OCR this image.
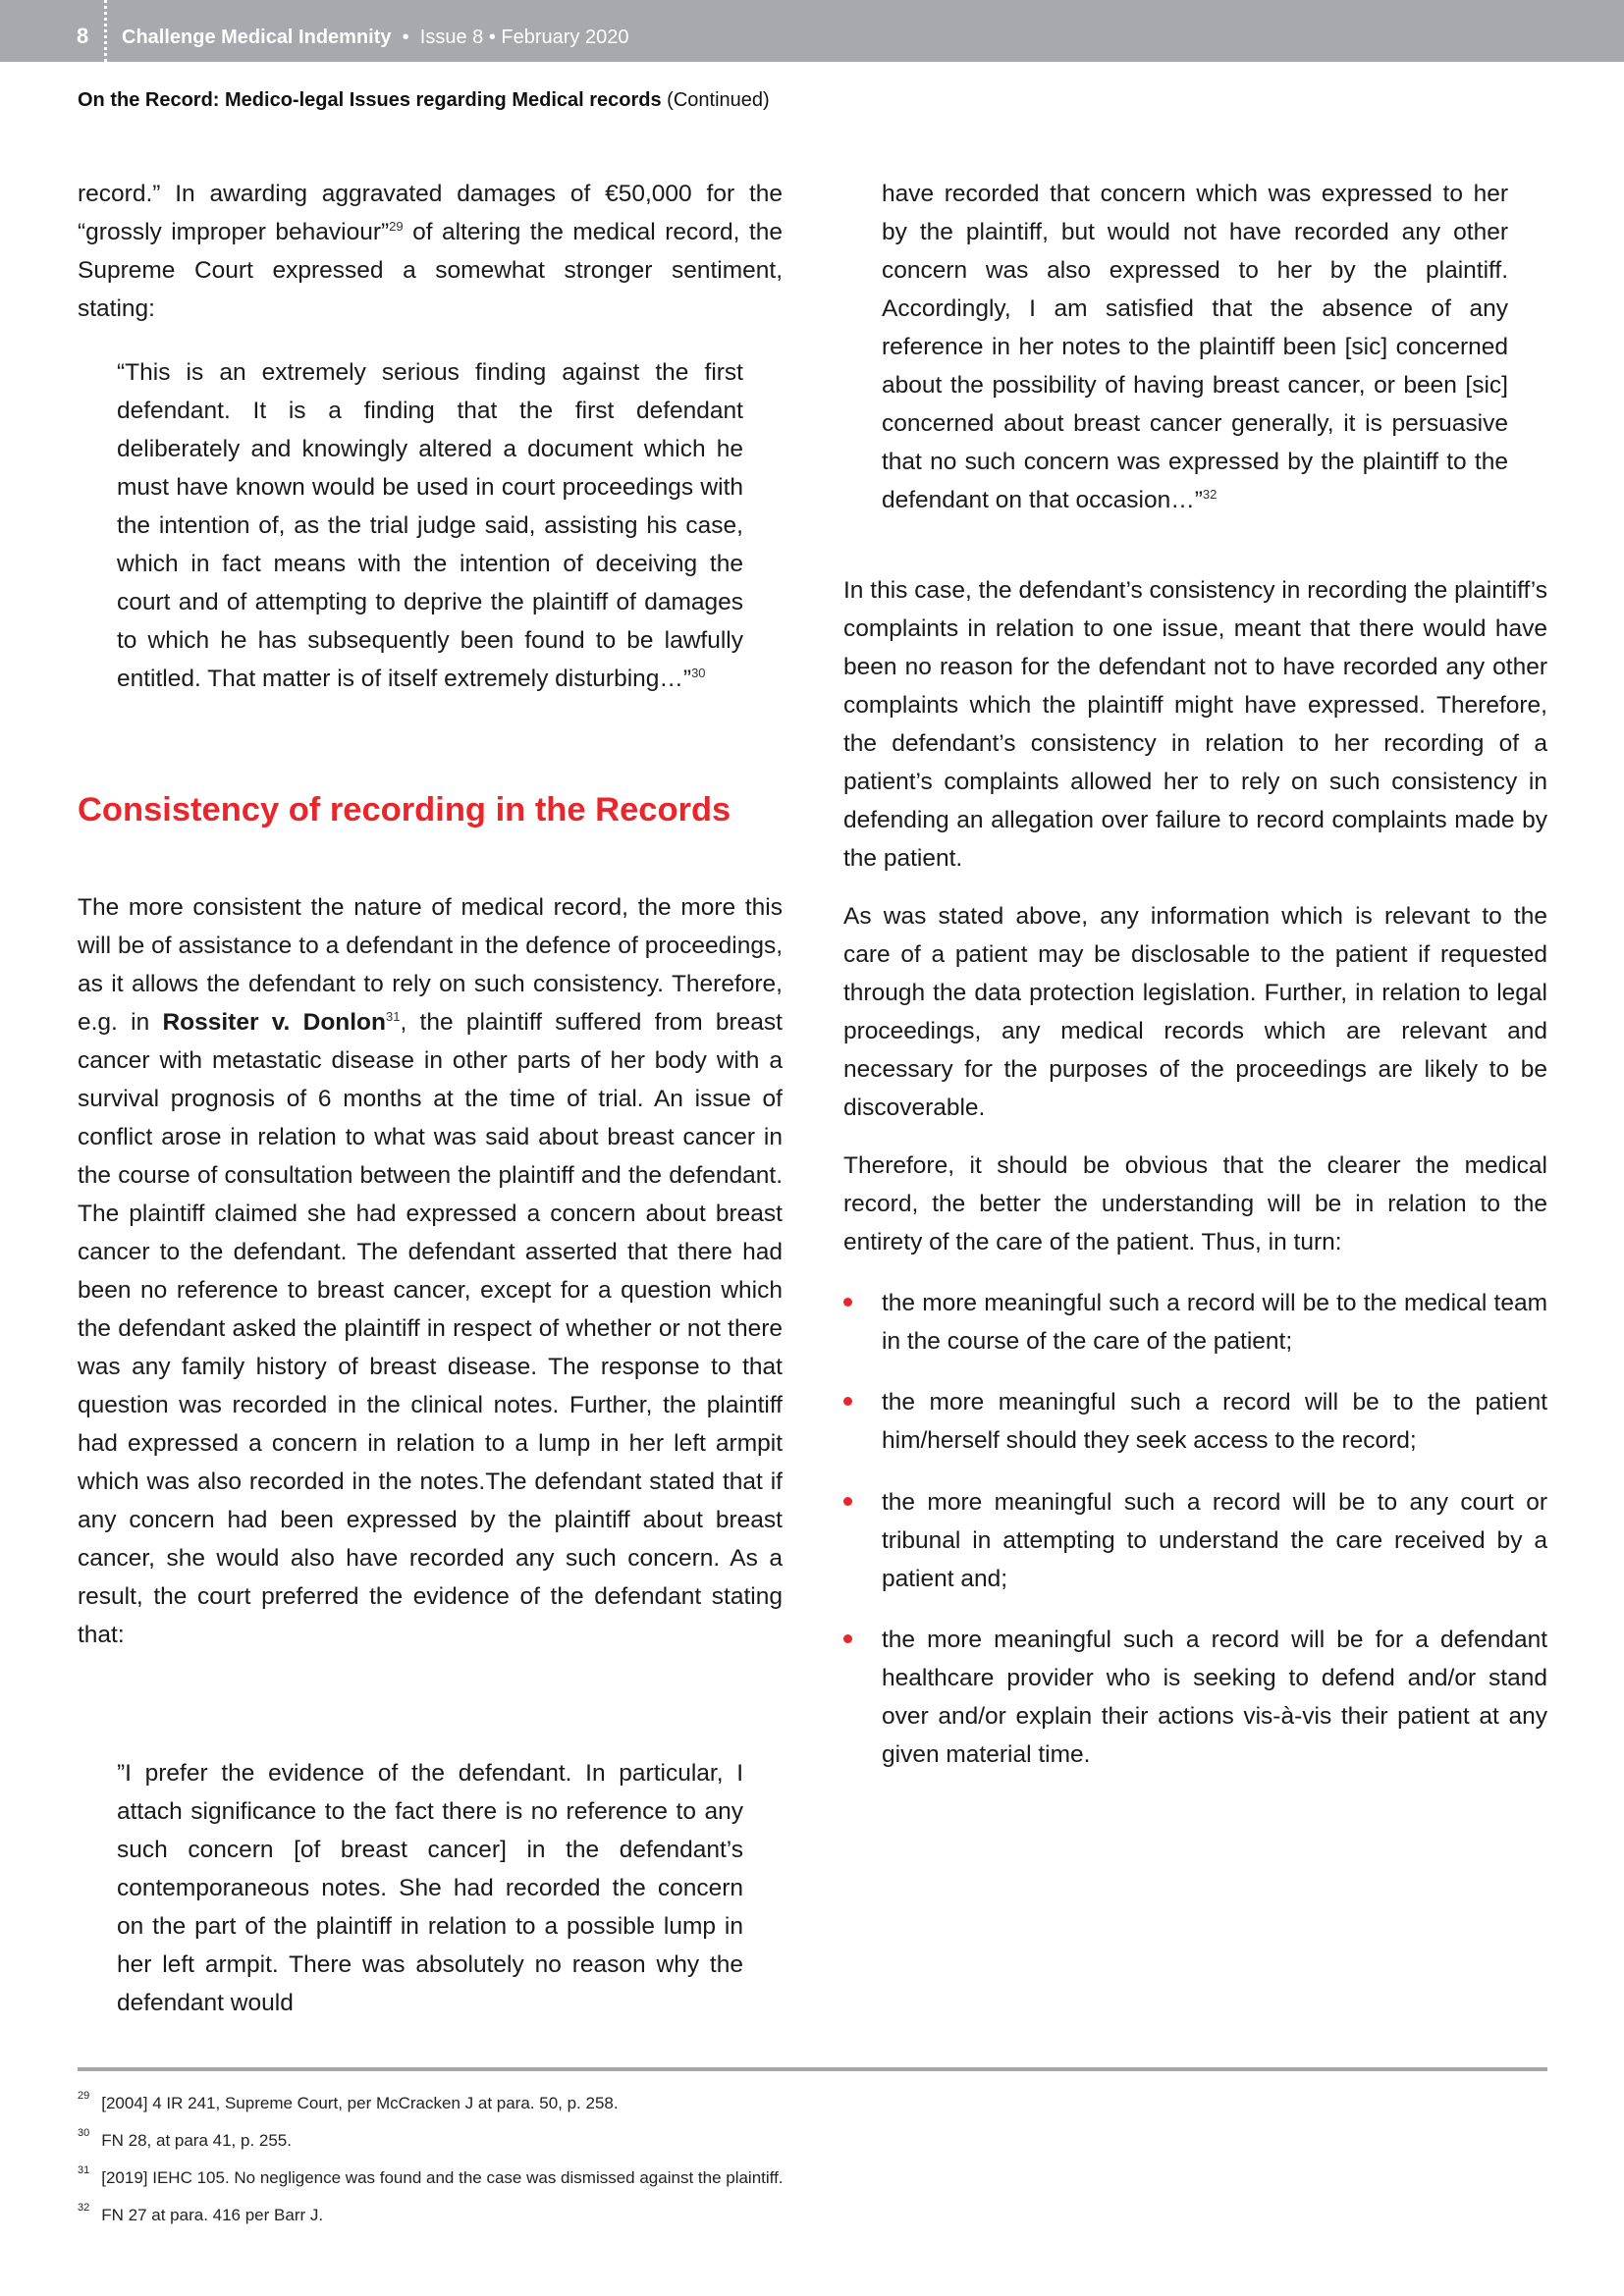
8 Challenge Medical Indemnity • Issue 8 • February 2020
On the Record: Medico-legal Issues regarding Medical records (Continued)
record.” In awarding aggravated damages of €50,000 for the “grossly improper behaviour”$^{29}$ of altering the medical record, the Supreme Court expressed a somewhat stronger sentiment, stating:
“This is an extremely serious finding against the first defendant. It is a finding that the first defendant deliberately and knowingly altered a document which he must have known would be used in court proceedings with the intention of, as the trial judge said, assisting his case, which in fact means with the intention of deceiving the court and of attempting to deprive the plaintiff of damages to which he has subsequently been found to be lawfully entitled. That matter is of itself extremely disturbing…”$^{30}$
Consistency of recording in the Records
The more consistent the nature of medical record, the more this will be of assistance to a defendant in the defence of proceedings, as it allows the defendant to rely on such consistency. Therefore, e.g. in Rossiter v. Donlon$^{31}$, the plaintiff suffered from breast cancer with metastatic disease in other parts of her body with a survival prognosis of 6 months at the time of trial. An issue of conflict arose in relation to what was said about breast cancer in the course of consultation between the plaintiff and the defendant. The plaintiff claimed she had expressed a concern about breast cancer to the defendant. The defendant asserted that there had been no reference to breast cancer, except for a question which the defendant asked the plaintiff in respect of whether or not there was any family history of breast disease. The response to that question was recorded in the clinical notes. Further, the plaintiff had expressed a concern in relation to a lump in her left armpit which was also recorded in the notes.The defendant stated that if any concern had been expressed by the plaintiff about breast cancer, she would also have recorded any such concern. As a result, the court preferred the evidence of the defendant stating that:
”I prefer the evidence of the defendant. In particular, I attach significance to the fact there is no reference to any such concern [of breast cancer] in the defendant’s contemporaneous notes. She had recorded the concern on the part of the plaintiff in relation to a possible lump in her left armpit. There was absolutely no reason why the defendant would
have recorded that concern which was expressed to her by the plaintiff, but would not have recorded any other concern was also expressed to her by the plaintiff. Accordingly, I am satisfied that the absence of any reference in her notes to the plaintiff been [sic] concerned about the possibility of having breast cancer, or been [sic] concerned about breast cancer generally, it is persuasive that no such concern was expressed by the plaintiff to the defendant on that occasion…”$^{32}$
In this case, the defendant’s consistency in recording the plaintiff’s complaints in relation to one issue, meant that there would have been no reason for the defendant not to have recorded any other complaints which the plaintiff might have expressed. Therefore, the defendant’s consistency in relation to her recording of a patient’s complaints allowed her to rely on such consistency in defending an allegation over failure to record complaints made by the patient.
As was stated above, any information which is relevant to the care of a patient may be disclosable to the patient if requested through the data protection legislation. Further, in relation to legal proceedings, any medical records which are relevant and necessary for the purposes of the proceedings are likely to be discoverable.
Therefore, it should be obvious that the clearer the medical record, the better the understanding will be in relation to the entirety of the care of the patient. Thus, in turn:
the more meaningful such a record will be to the medical team in the course of the care of the patient;
the more meaningful such a record will be to the patient him/herself should they seek access to the record;
the more meaningful such a record will be to any court or tribunal in attempting to understand the care received by a patient and;
the more meaningful such a record will be for a defendant healthcare provider who is seeking to defend and/or stand over and/or explain their actions vis-à-vis their patient at any given material time.
$^{29}$ [2004] 4 IR 241, Supreme Court, per McCracken J at para. 50, p. 258.
$^{30}$ FN 28, at para 41, p. 255.
$^{31}$ [2019] IEHC 105. No negligence was found and the case was dismissed against the plaintiff.
$^{32}$ FN 27 at para. 416 per Barr J.
